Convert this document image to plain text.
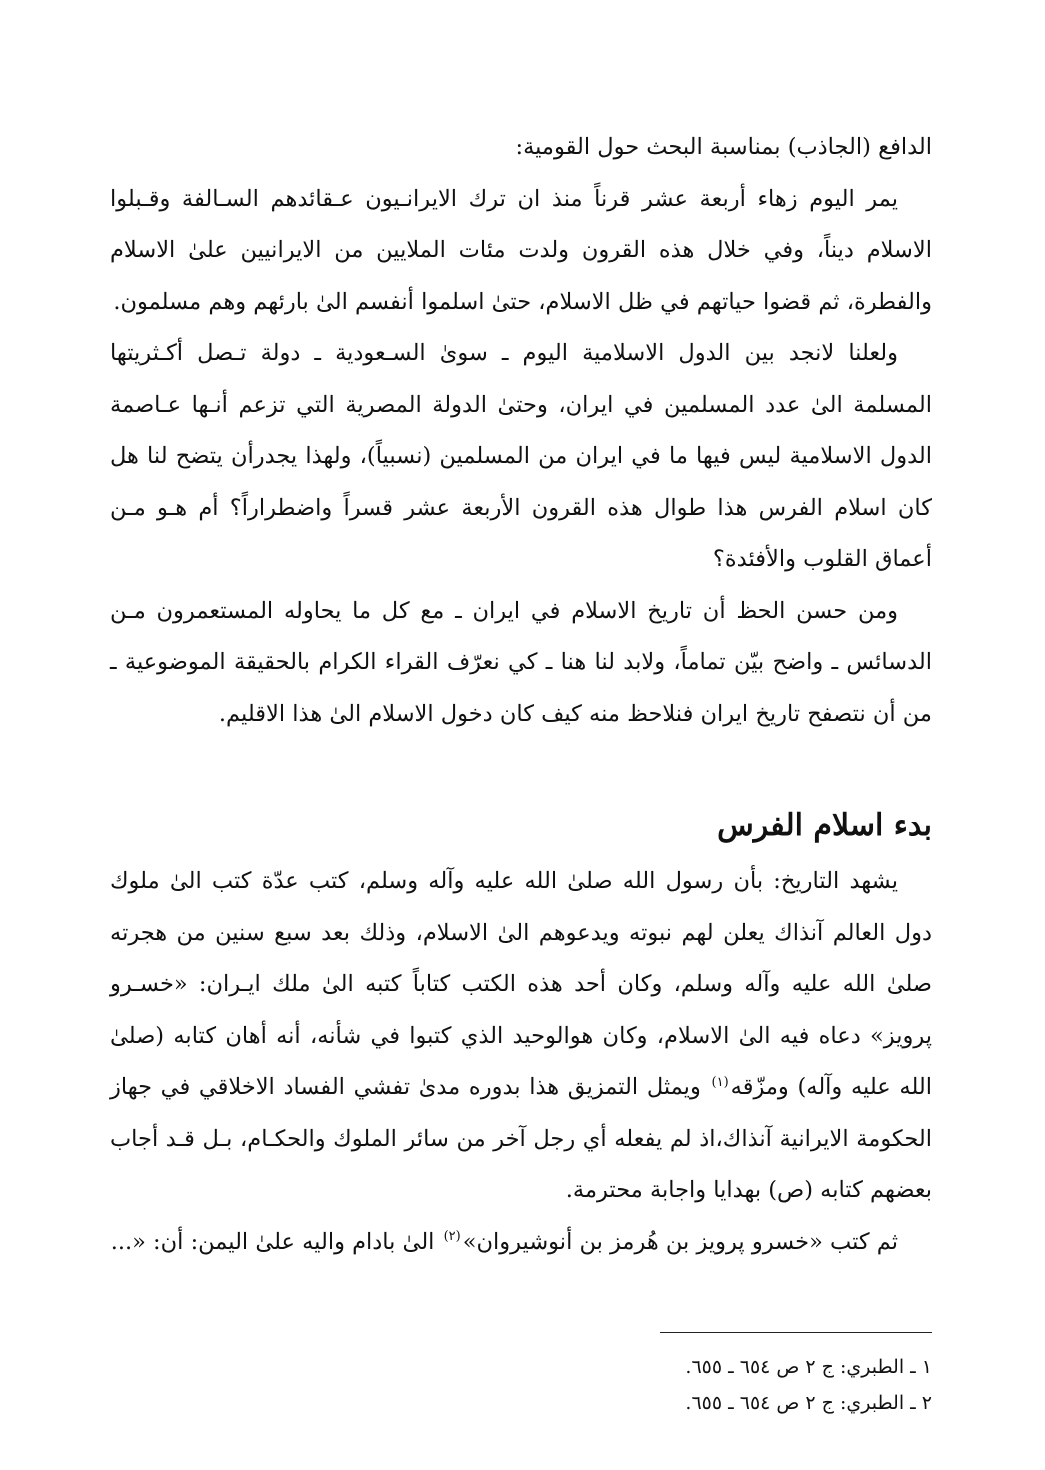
الدافع (الجاذب) بمناسبة البحث حول القومية:

يمر اليوم زهاء أربعة عشر قرناً منذ ان ترك الايرانـيون عـقائدهم السـالفة وقـبلوا الاسلام ديناً، وفي خلال هذه القرون ولدت مئات الملايين من الايرانيين علىٰ الاسلام والفطرة، ثم قضوا حياتهم في ظل الاسلام، حتىٰ اسلموا أنفسم الىٰ بارئهم وهم مسلمون.

ولعلنا لانجد بين الدول الاسلامية اليوم ـ سوىٰ السـعودية ـ دولة تـصل أكـثريتها المسلمة الىٰ عدد المسلمين في ايران، وحتىٰ الدولة المصرية التي تزعم أنـها عـاصمة الدول الاسلامية ليس فيها ما في ايران من المسلمين (نسبياً)، ولهذا يجدرأن يتضح لنا هل كان اسلام الفرس هذا طوال هذه القرون الأربعة عشر قسراً واضطراراً؟ أم هـو مـن أعماق القلوب والأفئدة؟

ومن حسن الحظ أن تاريخ الاسلام في ايران ـ مع كل ما يحاوله المستعمرون مـن الدسائس ـ واضح بيّن تماماً، ولابد لنا هنا ـ كي نعرّف القراء الكرام بالحقيقة الموضوعية ـ من أن نتصفح تاريخ ايران فنلاحظ منه كيف كان دخول الاسلام الىٰ هذا الاقليم.

بدء اسلام الفرس

يشهد التاريخ: بأن رسول الله صلىٰ الله عليه وآله وسلم، كتب عدّة كتب الىٰ ملوك دول العالم آنذاك يعلن لهم نبوته ويدعوهم الىٰ الاسلام، وذلك بعد سبع سنين من هجرته صلىٰ الله عليه وآله وسلم، وكان أحد هذه الكتب كتاباً كتبه الىٰ ملك ايـران: «خسـرو پرويز» دعاه فيه الىٰ الاسلام، وكان هوالوحيد الذي كتبوا في شأنه، أنه أهان كتابه (صلىٰ الله عليه وآله) ومزّقه$^{(١)}$ ويمثل التمزيق هذا بدوره مدىٰ تفشي الفساد الاخلاقي في جهاز الحكومة الايرانية آنذاك،اذ لم يفعله أي رجل آخر من سائر الملوك والحكـام، بـل قـد أجاب بعضهم كتابه (ص) بهدايا واجابة محترمة.

ثم كتب «خسرو پرويز بن هُرمز بن أنوشيروان»$^{(٢)}$ الىٰ بادام واليه علىٰ اليمن: أن: «...

١ ـ الطبري: ج ٢ ص ٦٥٤ ـ ٦٥٥.

٢ ـ الطبري: ج ٢ ص ٦٥٤ ـ ٦٥٥.
